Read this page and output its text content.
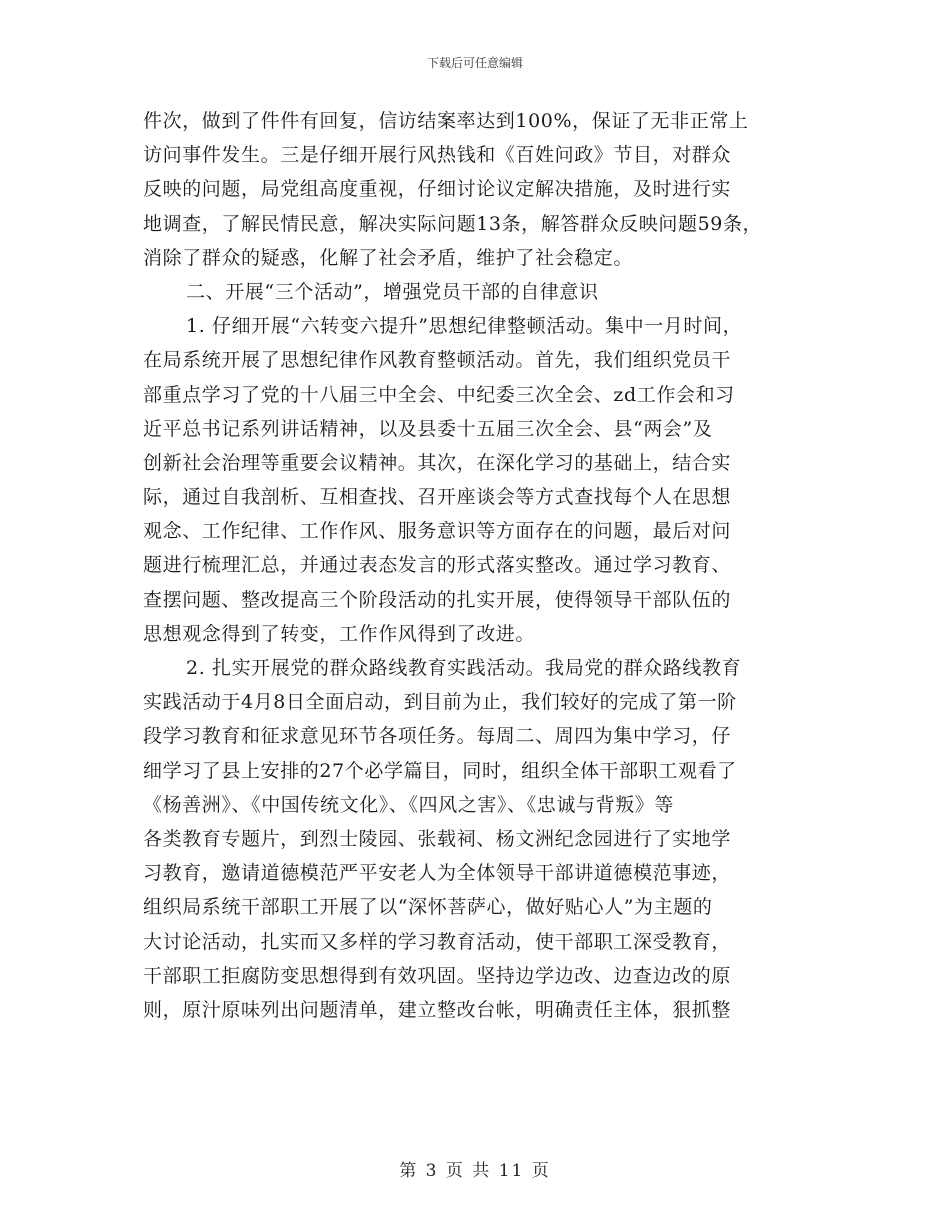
下载后可任意编辑
件次，做到了件件有回复，信访结案率达到100%，保证了无非正常上
访问事件发生。三是仔细开展行风热钱和《百姓问政》节目，对群众
反映的问题，局党组高度重视，仔细讨论议定解决措施，及时进行实
地调查，了解民情民意，解决实际问题13条，解答群众反映问题59条，
消除了群众的疑惑，化解了社会矛盾，维护了社会稳定。
二、开展“三个活动”，增强党员干部的自律意识
1. 仔细开展“六转变六提升”思想纪律整顿活动。集中一月时间，
在局系统开展了思想纪律作风教育整顿活动。首先，我们组织党员干
部重点学习了党的十八届三中全会、中纪委三次全会、zd工作会和习
近平总书记系列讲话精神，以及县委十五届三次全会、县“两会”及
创新社会治理等重要会议精神。其次，在深化学习的基础上，结合实
际，通过自我剖析、互相查找、召开座谈会等方式查找每个人在思想
观念、工作纪律、工作作风、服务意识等方面存在的问题，最后对问
题进行梳理汇总，并通过表态发言的形式落实整改。通过学习教育、
查摆问题、整改提高三个阶段活动的扎实开展，使得领导干部队伍的
思想观念得到了转变，工作作风得到了改进。
2. 扎实开展党的群众路线教育实践活动。我局党的群众路线教育
实践活动于4月8日全面启动，到目前为止，我们较好的完成了第一阶
段学习教育和征求意见环节各项任务。每周二、周四为集中学习，仔
细学习了县上安排的27个必学篇目，同时，组织全体干部职工观看了
《杨善洲》、《中国传统文化》、《四风之害》、《忠诚与背叛》等
各类教育专题片，到烈士陵园、张载祠、杨文洲纪念园进行了实地学
习教育，邀请道德模范严平安老人为全体领导干部讲道德模范事迹，
组织局系统干部职工开展了以“深怀菩萨心，做好贴心人”为主题的
大讨论活动，扎实而又多样的学习教育活动，使干部职工深受教育，
干部职工拒腐防变思想得到有效巩固。坚持边学边改、边查边改的原
则，原汁原味列出问题清单，建立整改台帐，明确责任主体，狠抓整
第 3 页 共 11 页
